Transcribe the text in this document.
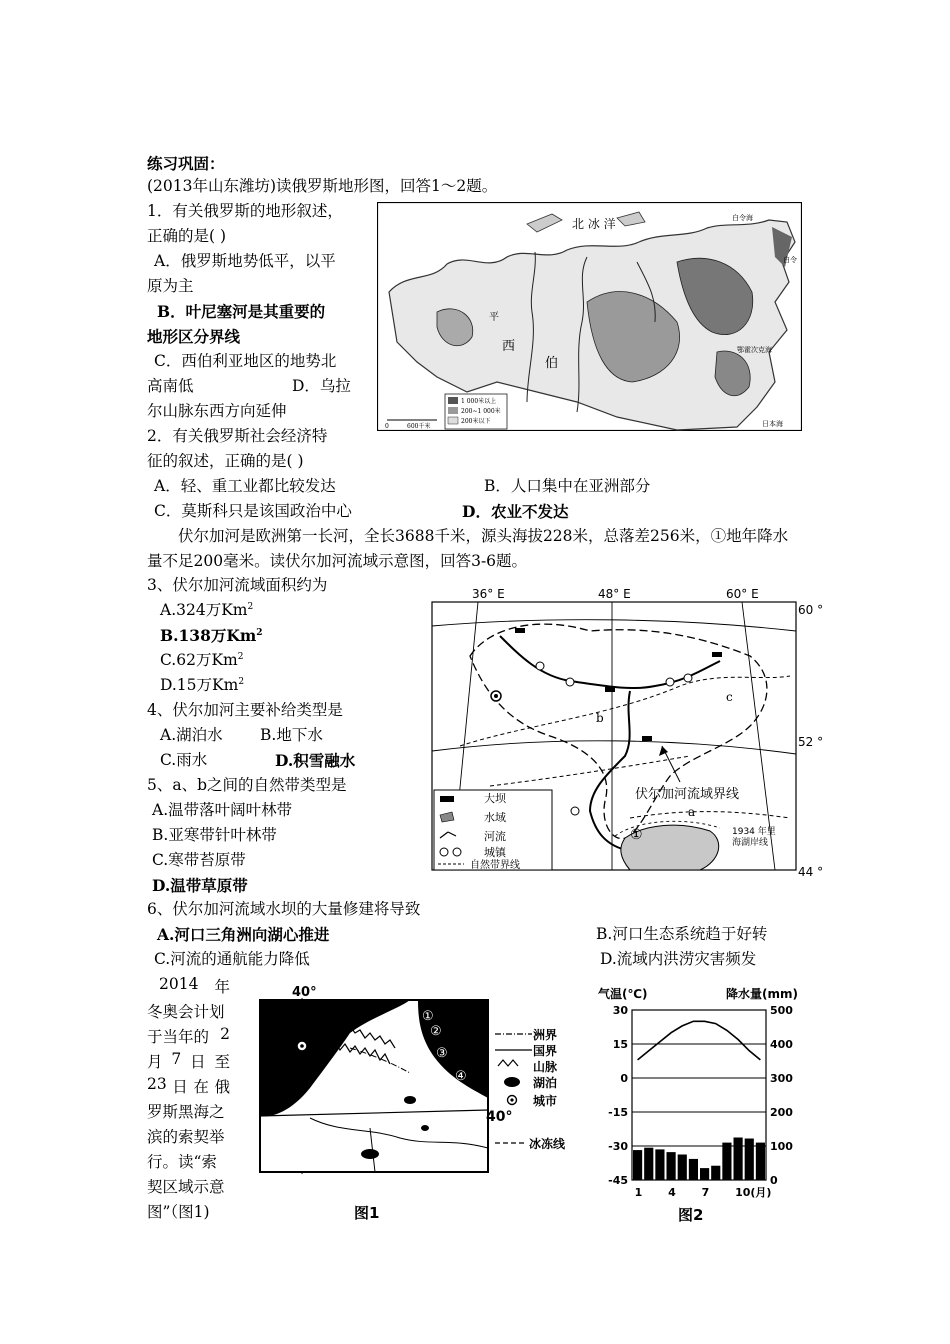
练习巩固：
(2013年山东潍坊)读俄罗斯地形图，回答1～2题。
1．有关俄罗斯的地形叙述，
正确的是( )
A．俄罗斯地势低平，以平
原为主
B．叶尼塞河是其重要的
地形区分界线
C．西伯利亚地区的地势北
高南低	D．乌拉
尔山脉东西方向延伸
2．有关俄罗斯社会经济特
征的叙述，正确的是( )
A．轻、重工业都比较发达	B．人口集中在亚洲部分
C．莫斯科只是该国政治中心	D．农业不发达
北 冰 洋
西
伯
平
白令海
鄂霍次克海
日本海
白令
0	600千米
1 000米以上
200~1 000米
200米以下
伏尔加河是欧洲第一长河，全长3688千米，源头海拔228米，总落差256米，①地年降水
量不足200毫米。读伏尔加河流域示意图，回答3-6题。
3、伏尔加河流域面积约为
A.324万Km$^2$
B.138万Km$^2$
C.62万Km$^2$
D.15万Km$^2$
4、伏尔加河主要补给类型是
A.湖泊水 B.地下水
C.雨水	D.积雪融水
5、a、b之间的自然带类型是
A.温带落叶阔叶林带
B.亚寒带针叶林带
C.寒带苔原带
D.温带草原带
36° E	48° E	60° E
60 °
52 °
44 °
c
b
a
伏尔加河流域界线
1934 年里
海湖岸线
①
大坝
水域
河流
城镇
自然带界线
6、伏尔加河流域水坝的大量修建将导致
A.河口三角洲向湖心推进	B.河口生态系统趋于好转
C.河流的通航能力降低	D.流域内洪涝灾害频发
2014 年
冬奥会计划
于当年的 2
月 7 日 至
23 日 在 俄
罗斯黑海之
滨的索契举
行。读“索
契区域示意
图”（图1)
40°
索契	①
②
③
④
40°
洲界
国界
山脉
湖泊
城市
冰冻线
图1
气温(℃)	降水量(mm)
30	500
15	400
0	300
-15	200
-30	100
-45	0
1 4 7 10(月)
图2
